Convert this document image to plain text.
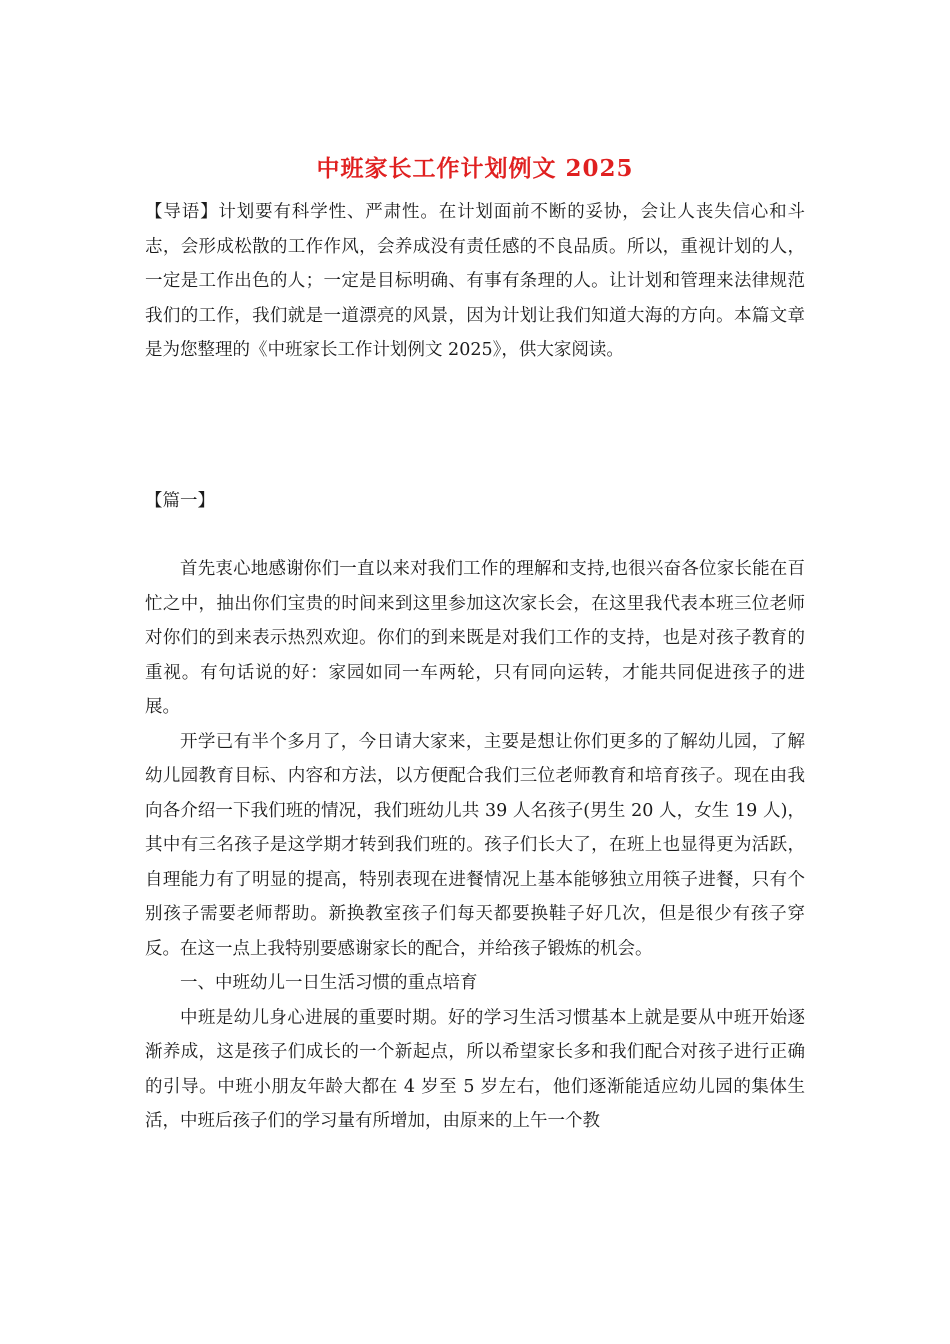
中班家长工作计划例文 2025

【导语】计划要有科学性、严肃性。在计划面前不断的妥协，会让人丧失信心和斗志，会形成松散的工作作风，会养成没有责任感的不良品质。所以，重视计划的人，一定是工作出色的人；一定是目标明确、有事有条理的人。让计划和管理来法律规范我们的工作，我们就是一道漂亮的风景，因为计划让我们知道大海的方向。本篇文章是为您整理的《中班家长工作计划例文 2025》，供大家阅读。

【篇一】

首先衷心地感谢你们一直以来对我们工作的理解和支持,也很兴奋各位家长能在百忙之中，抽出你们宝贵的时间来到这里参加这次家长会，在这里我代表本班三位老师对你们的到来表示热烈欢迎。你们的到来既是对我们工作的支持，也是对孩子教育的重视。有句话说的好：家园如同一车两轮，只有同向运转，才能共同促进孩子的进展。

开学已有半个多月了，今日请大家来，主要是想让你们更多的了解幼儿园，了解幼儿园教育目标、内容和方法，以方便配合我们三位老师教育和培育孩子。现在由我向各介绍一下我们班的情况，我们班幼儿共 39 人名孩子(男生 20 人，女生 19 人)，其中有三名孩子是这学期才转到我们班的。孩子们长大了，在班上也显得更为活跃，自理能力有了明显的提高，特别表现在进餐情况上基本能够独立用筷子进餐，只有个别孩子需要老师帮助。新换教室孩子们每天都要换鞋子好几次，但是很少有孩子穿反。在这一点上我特别要感谢家长的配合，并给孩子锻炼的机会。

一、中班幼儿一日生活习惯的重点培育

中班是幼儿身心进展的重要时期。好的学习生活习惯基本上就是要从中班开始逐渐养成，这是孩子们成长的一个新起点，所以希望家长多和我们配合对孩子进行正确的引导。中班小朋友年龄大都在 4 岁至 5 岁左右，他们逐渐能适应幼儿园的集体生活，中班后孩子们的学习量有所增加，由原来的上午一个教
